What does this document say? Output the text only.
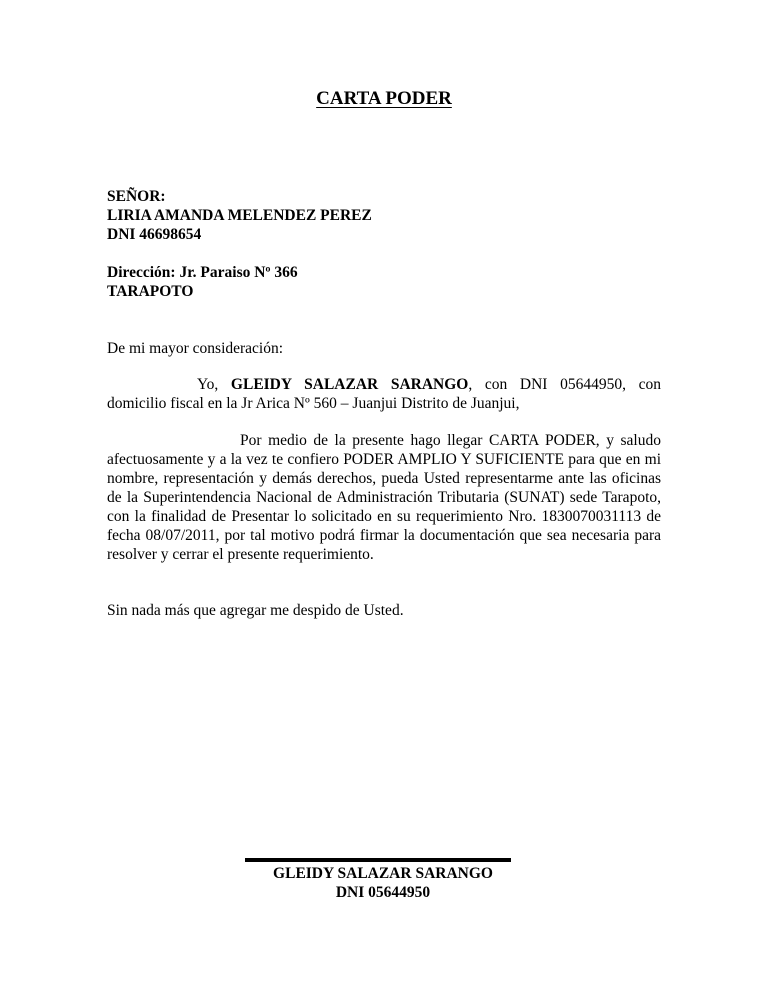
CARTA PODER
SEÑOR:
LIRIA AMANDA MELENDEZ PEREZ
DNI 46698654
Dirección: Jr. Paraiso Nº 366
TARAPOTO
De mi mayor consideración:
Yo, GLEIDY SALAZAR SARANGO, con DNI 05644950, con domicilio fiscal en la Jr Arica Nº 560 – Juanjui Distrito de Juanjui,
Por medio de la presente hago llegar CARTA PODER, y saludo afectuosamente y a la vez te confiero PODER AMPLIO Y SUFICIENTE para que en mi nombre, representación y demás derechos, pueda Usted representarme ante las oficinas de la Superintendencia Nacional de Administración Tributaria (SUNAT) sede Tarapoto, con la finalidad de Presentar lo solicitado en su requerimiento Nro. 1830070031113 de fecha 08/07/2011, por tal motivo podrá firmar la documentación que sea necesaria para resolver y cerrar el presente requerimiento.
Sin nada más que agregar me despido de Usted.
GLEIDY SALAZAR SARANGO
DNI 05644950
